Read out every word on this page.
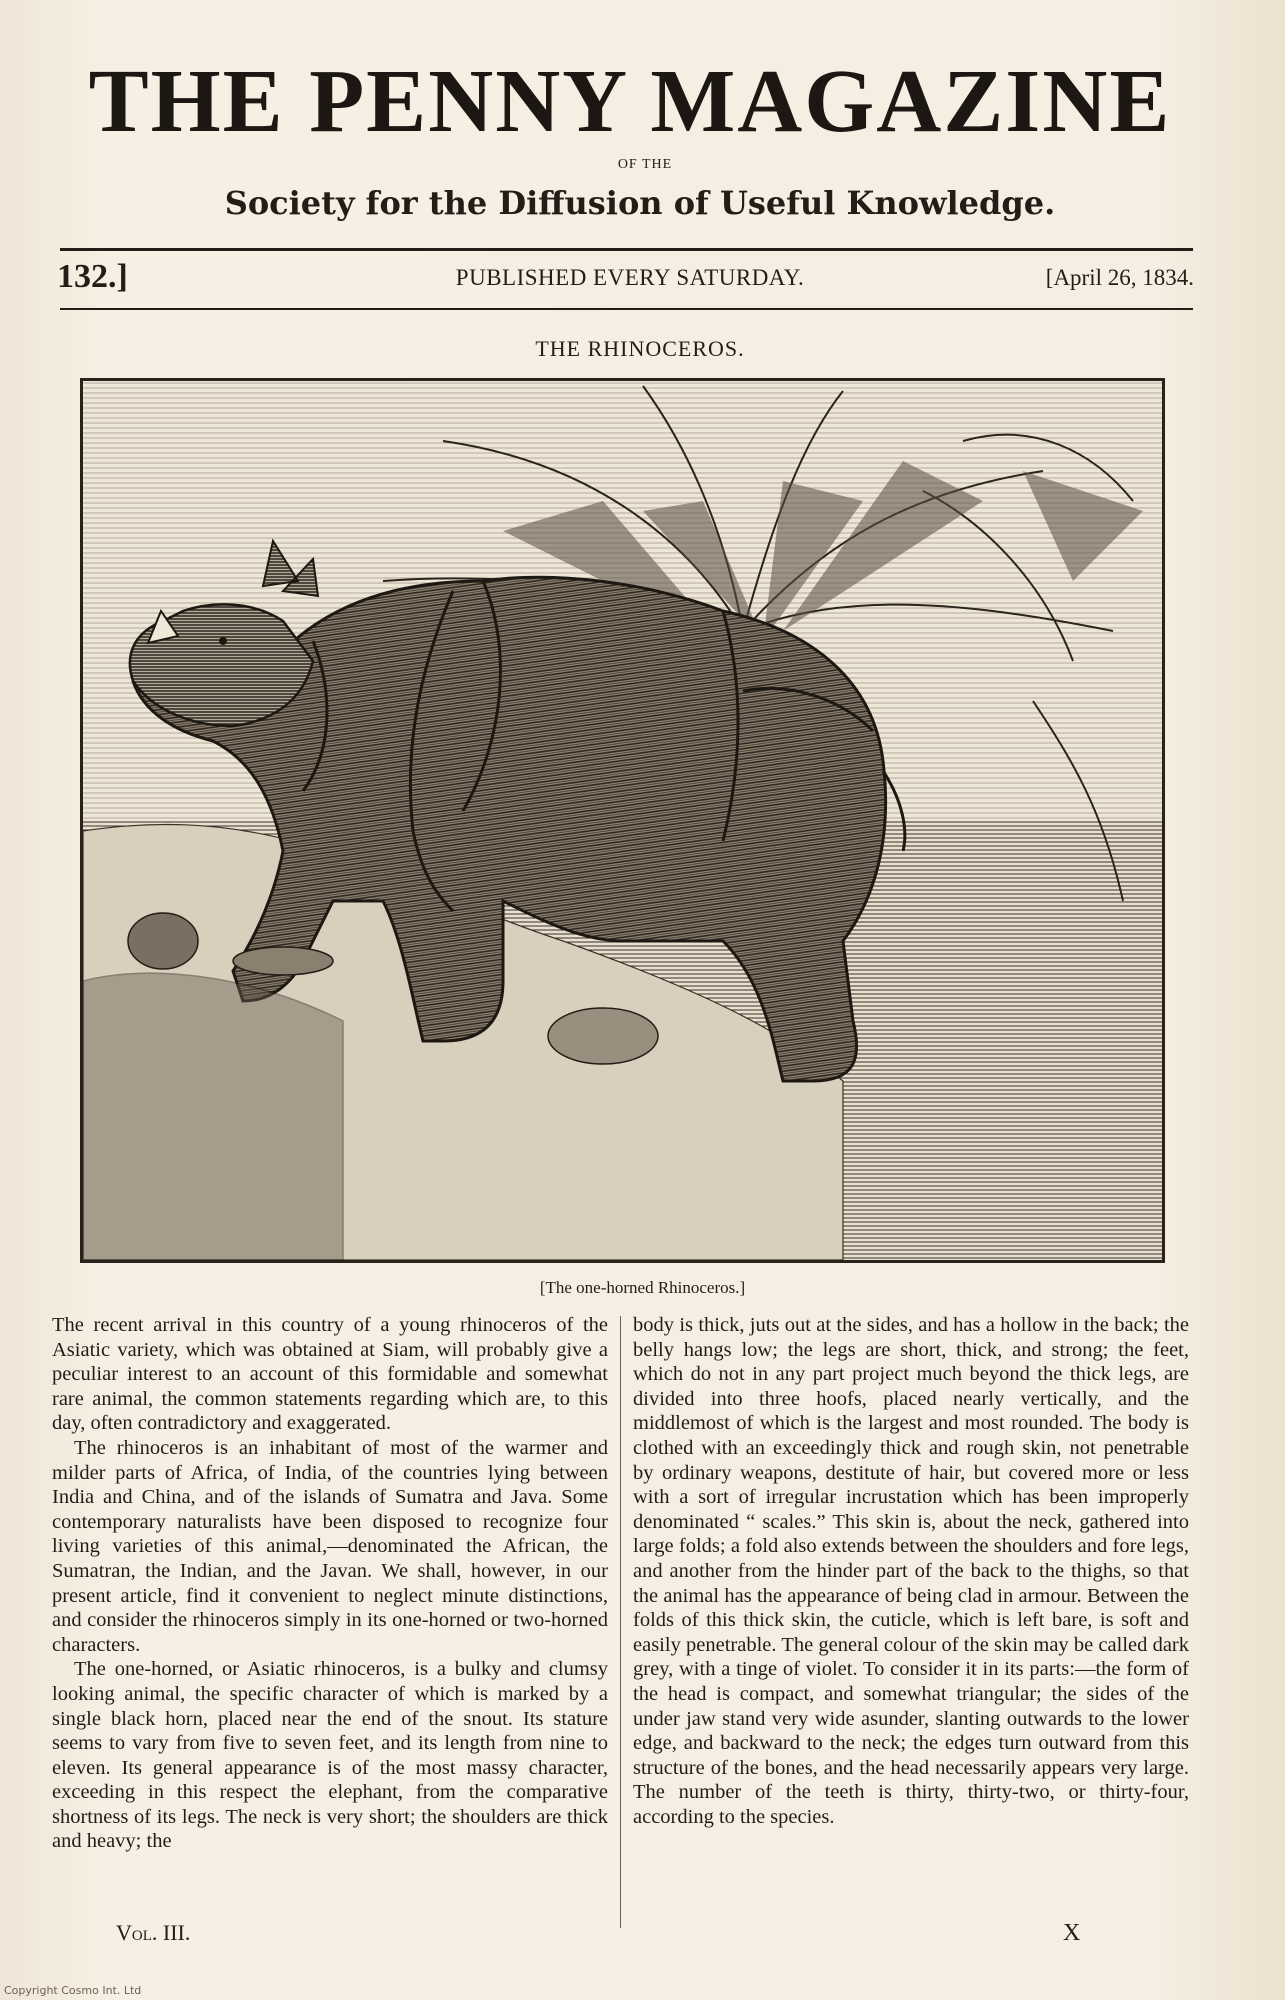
THE PENNY MAGAZINE
OF THE
Society for the Diffusion of Useful Knowledge.
132.]	PUBLISHED EVERY SATURDAY.	[April 26, 1834.
THE RHINOCEROS.
[The one-horned Rhinoceros.]

The recent arrival in this country of a young rhinoceros of the Asiatic variety, which was obtained at Siam, will probably give a peculiar interest to an account of this formidable and somewhat rare animal, the common statements regarding which are, to this day, often contradictory and exaggerated.

The rhinoceros is an inhabitant of most of the warmer and milder parts of Africa, of India, of the countries lying between India and China, and of the islands of Sumatra and Java. Some contemporary naturalists have been disposed to recognize four living varieties of this animal,—denominated the African, the Sumatran, the Indian, and the Javan. We shall, however, in our present article, find it convenient to neglect minute distinctions, and consider the rhinoceros simply in its one-horned or two-horned characters.

The one-horned, or Asiatic rhinoceros, is a bulky and clumsy looking animal, the specific character of which is marked by a single black horn, placed near the end of the snout. Its stature seems to vary from five to seven feet, and its length from nine to eleven. Its general appearance is of the most massy character, exceeding in this respect the elephant, from the comparative shortness of its legs. The neck is very short; the shoulders are thick and heavy; the

body is thick, juts out at the sides, and has a hollow in the back; the belly hangs low; the legs are short, thick, and strong; the feet, which do not in any part project much beyond the thick legs, are divided into three hoofs, placed nearly vertically, and the middlemost of which is the largest and most rounded. The body is clothed with an exceedingly thick and rough skin, not penetrable by ordinary weapons, destitute of hair, but covered more or less with a sort of irregular incrustation which has been improperly denominated “ scales.” This skin is, about the neck, gathered into large folds; a fold also extends between the shoulders and fore legs, and another from the hinder part of the back to the thighs, so that the animal has the appearance of being clad in armour. Between the folds of this thick skin, the cuticle, which is left bare, is soft and easily penetrable. The general colour of the skin may be called dark grey, with a tinge of violet. To consider it in its parts:—the form of the head is compact, and somewhat triangular; the sides of the under jaw stand very wide asunder, slanting outwards to the lower edge, and backward to the neck; the edges turn outward from this structure of the bones, and the head necessarily appears very large. The number of the teeth is thirty, thirty-two, or thirty-four, according to the species.

Vol. III.	X
Copyright Cosmo Int. Ltd
